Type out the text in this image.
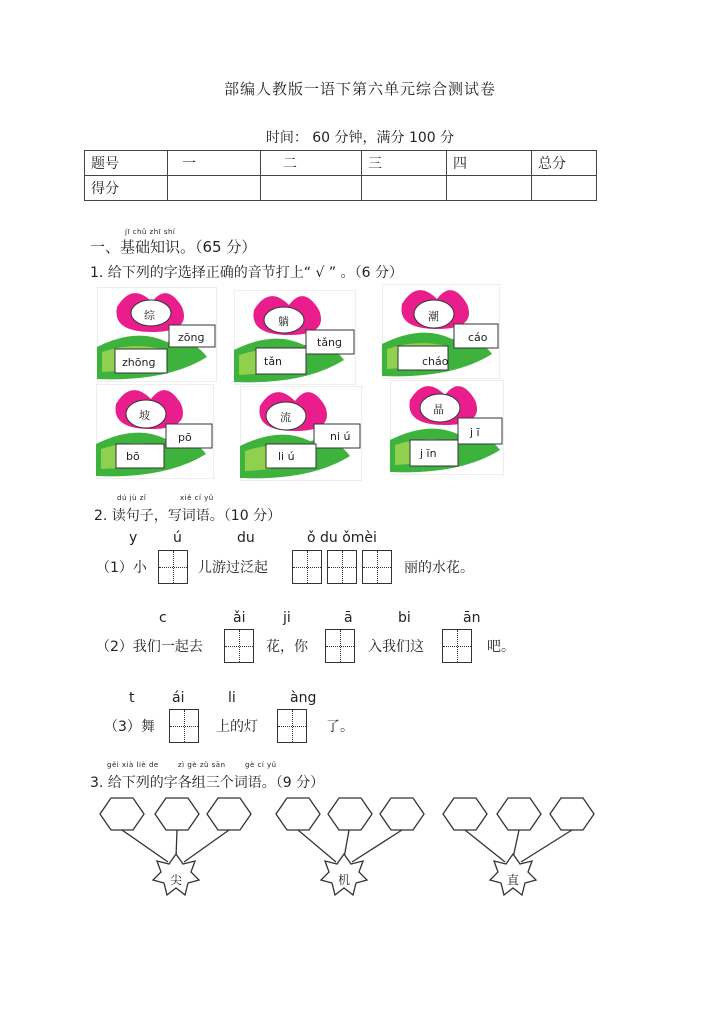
部编人教版一语下第六单元综合测试卷
时间： 60 分钟，满分 100 分
题号	一	二	三	四	总分
得分					
jī chǔ zhī shí
一、基础知识。（65 分）
1. 给下列的字选择正确的音节打上“ √ ” 。（6 分）
综
zōnɡ
zhōnɡ
躺
tǎnɡ
tǎn
潮
cáo
cháo
坡
pō
bō
流
ni ú
li ú
晶
j ī
j īn
dú jù zǐ	xiě cí yǔ
2. 读句子，写词语。（10 分）
y	ú	du	ǒ du ǒmèi
（1）小	儿游过泛起	丽的水花。
c	ǎi	ji	ā	bi	ān
（2）我们一起去	花，你	入我们这	吧。
t	ái	li	àng
（3）舞	上的灯	了。
gěi xià liè de	zì gè zǔ sān	gè cí yǔ
3. 给下列的字各组三个词语。（9 分）
尖	机	直
